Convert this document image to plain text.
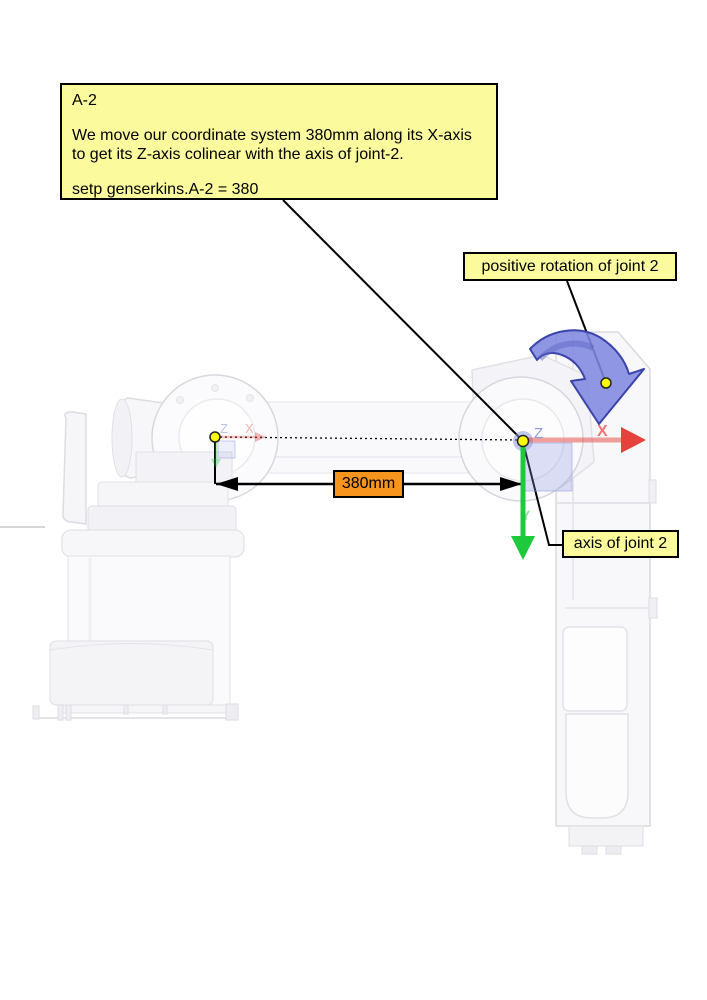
Z X	X
Y
Z
A-2
We move our coordinate system 380mm along its X-axis
to get its Z-axis colinear with the axis of joint-2.
setp genserkins.A-2 = 380
positive rotation of joint 2
axis of joint 2
380mm
